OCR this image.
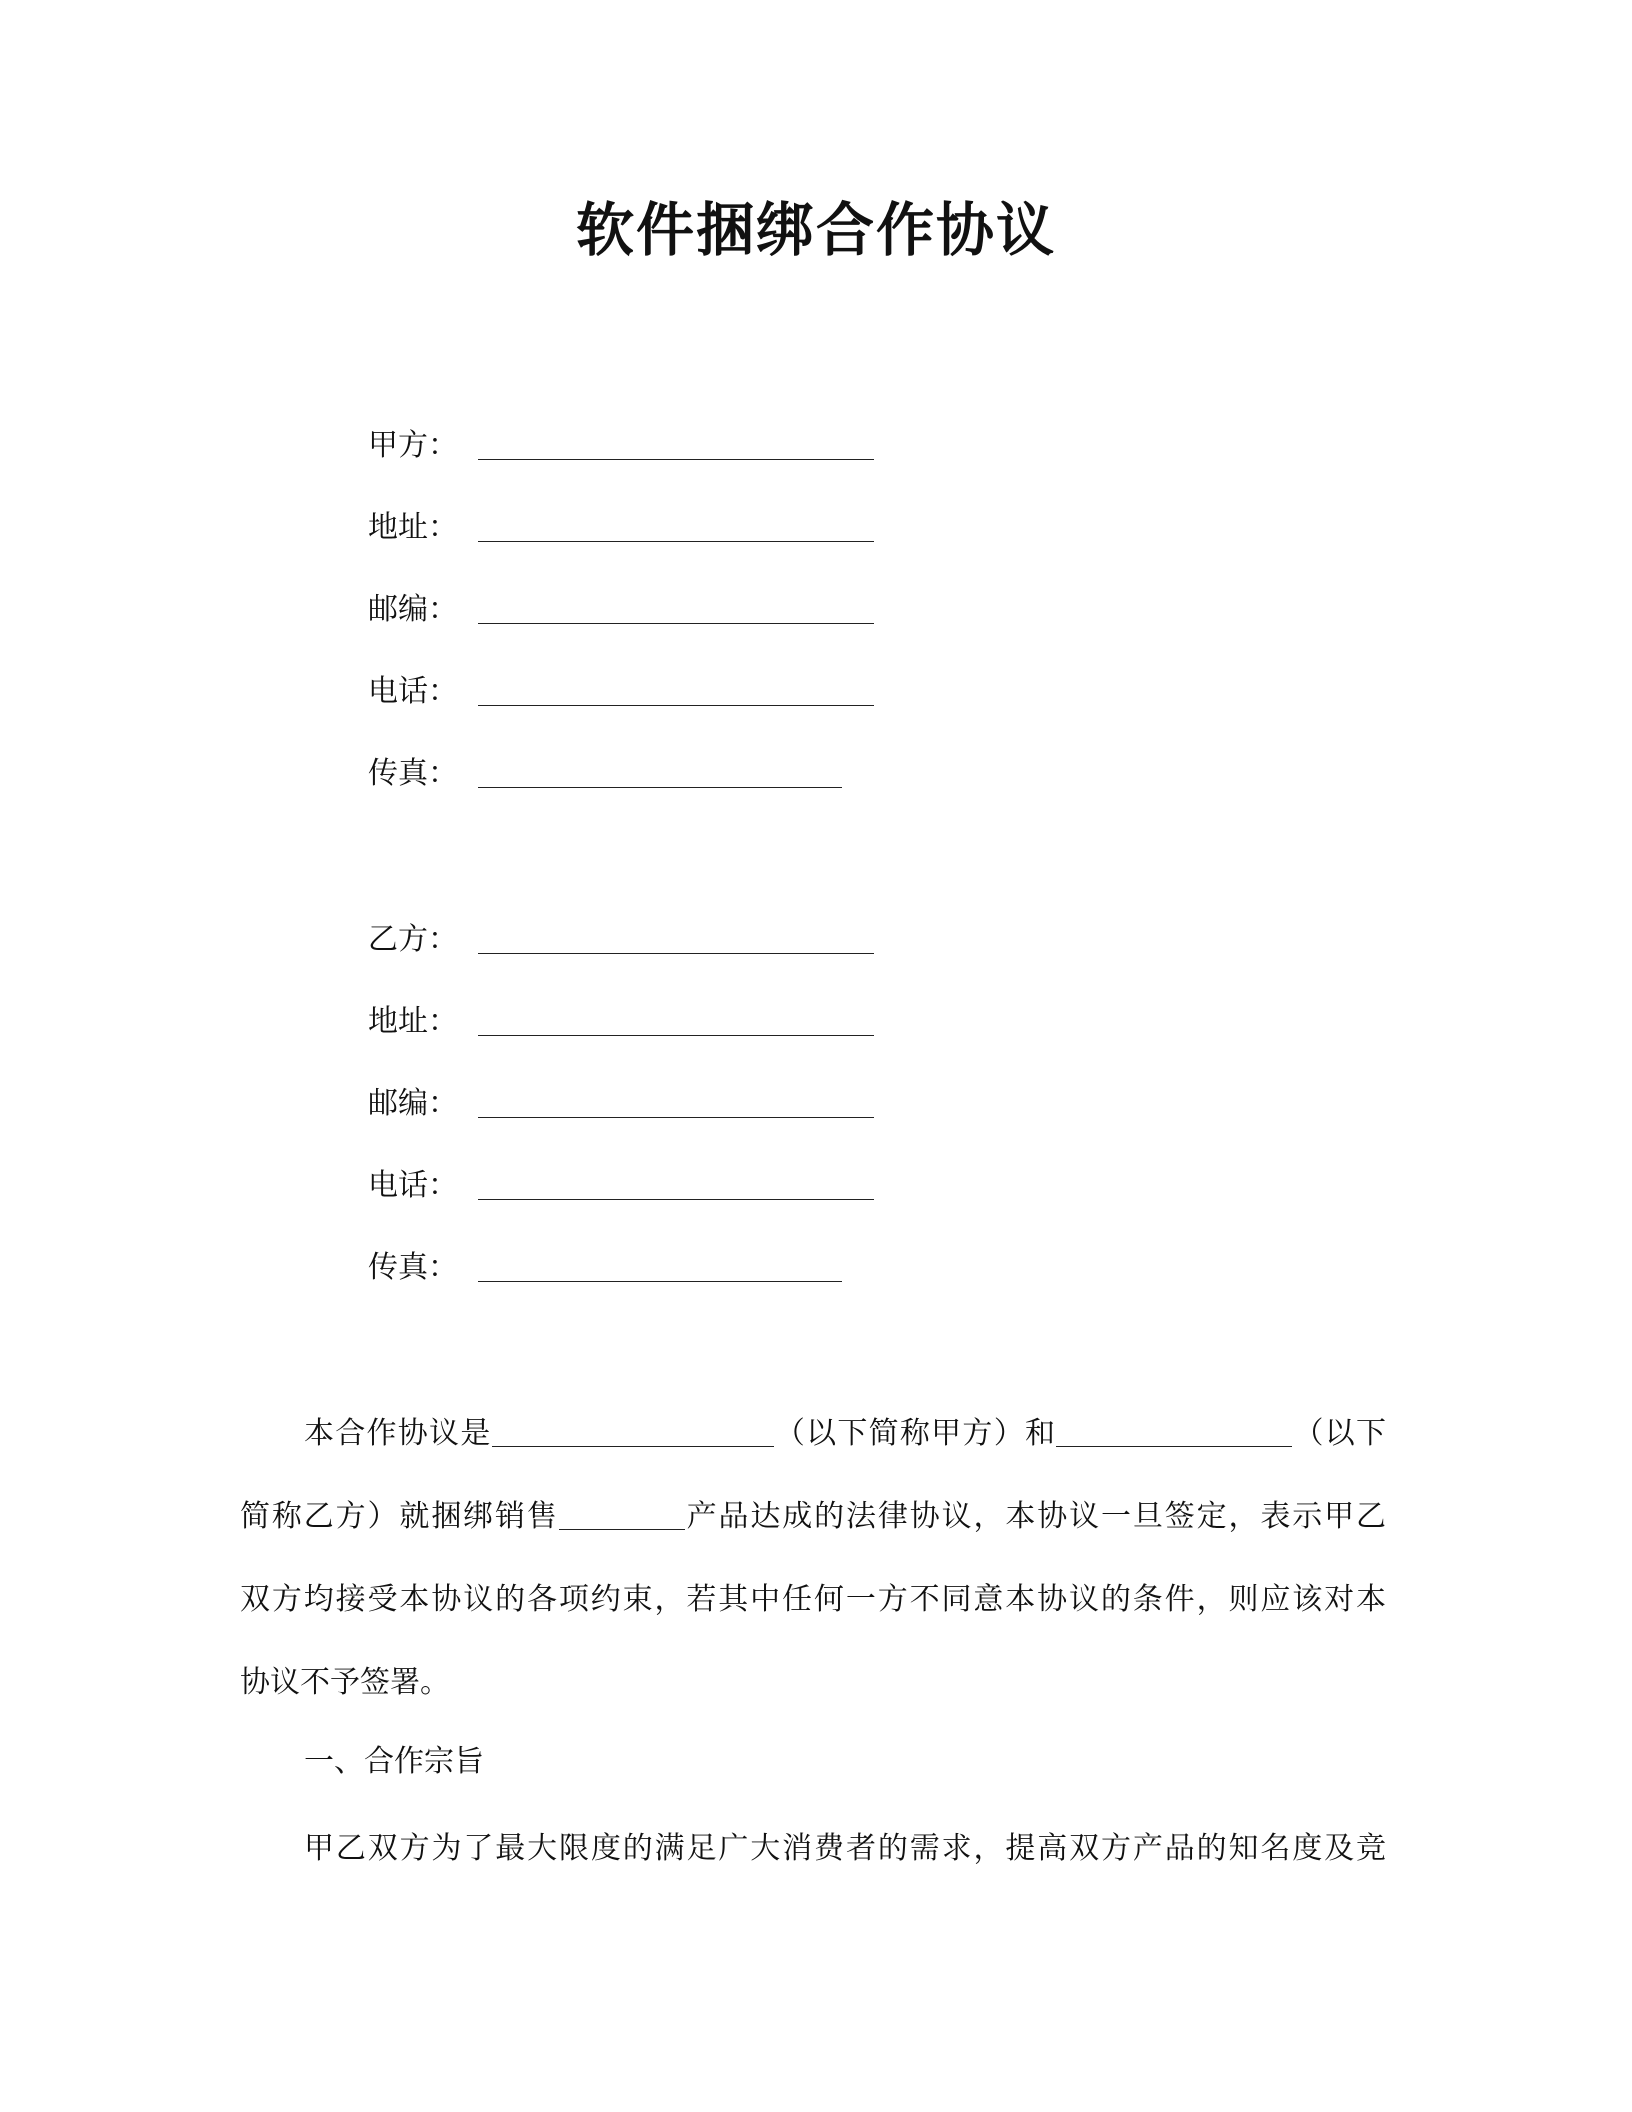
软件捆绑合作协议
甲方：
地址：
邮编：
电话：
传真：
乙方：
地址：
邮编：
电话：
传真：
本合作协议是	（以下简称甲方）和	（以下
简称乙方）就捆绑销售	产品达成的法律协议，本协议一旦签定，表示甲乙
双方均接受本协议的各项约束，若其中任何一方不同意本协议的条件，则应该对本
协议不予签署。
一、合作宗旨
甲乙双方为了最大限度的满足广大消费者的需求，提高双方产品的知名度及竞
